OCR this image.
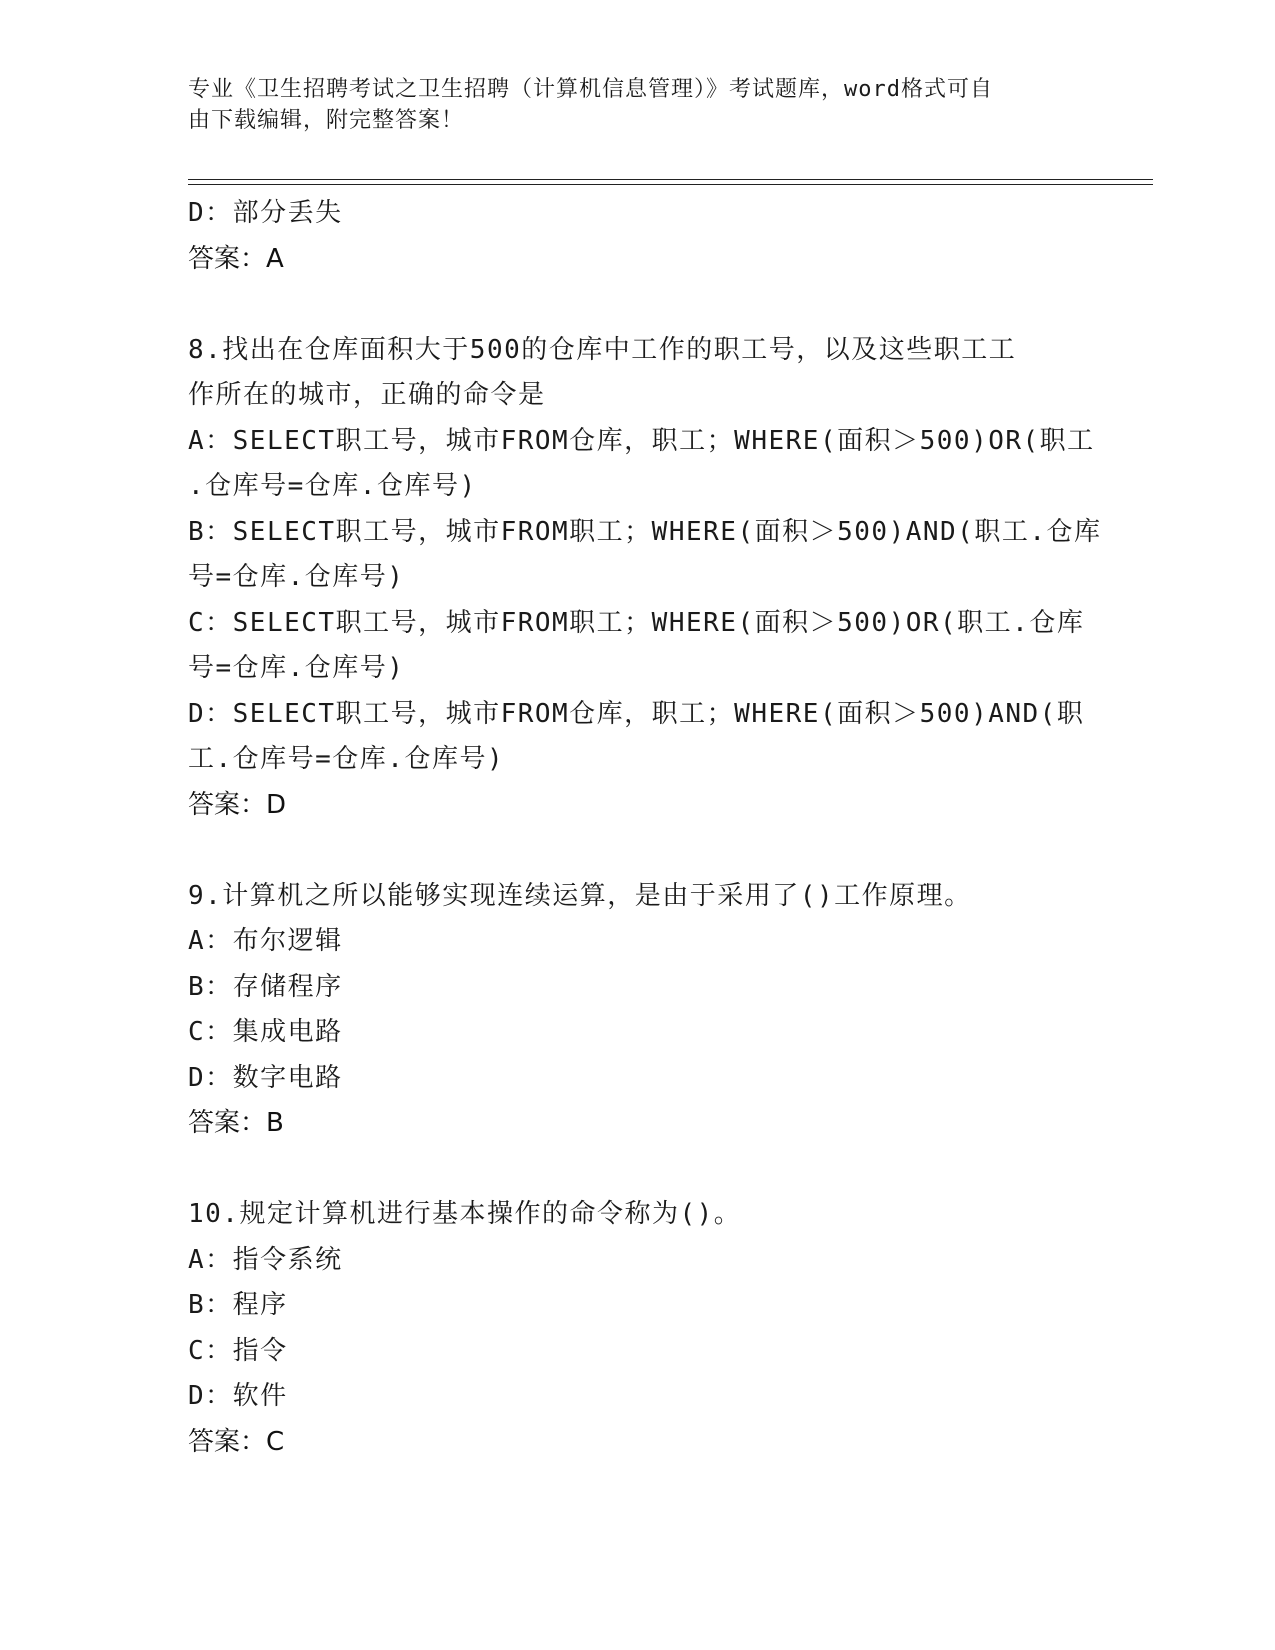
专业《卫生招聘考试之卫生招聘（计算机信息管理）》考试题库，word格式可自
由下载编辑，附完整答案！
D：部分丢失
答案：A
8.找出在仓库面积大于500的仓库中工作的职工号，以及这些职工工
作所在的城市，正确的命令是
A：SELECT职工号，城市FROM仓库，职工；WHERE(面积＞500)OR(职工
.仓库号=仓库.仓库号)
B：SELECT职工号，城市FROM职工；WHERE(面积＞500)AND(职工.仓库
号=仓库.仓库号)
C：SELECT职工号，城市FROM职工；WHERE(面积＞500)OR(职工.仓库
号=仓库.仓库号)
D：SELECT职工号，城市FROM仓库，职工；WHERE(面积＞500)AND(职
工.仓库号=仓库.仓库号)
答案：D
9.计算机之所以能够实现连续运算，是由于采用了()工作原理。
A：布尔逻辑
B：存储程序
C：集成电路
D：数字电路
答案：B
10.规定计算机进行基本操作的命令称为()。
A：指令系统
B：程序
C：指令
D：软件
答案：C
